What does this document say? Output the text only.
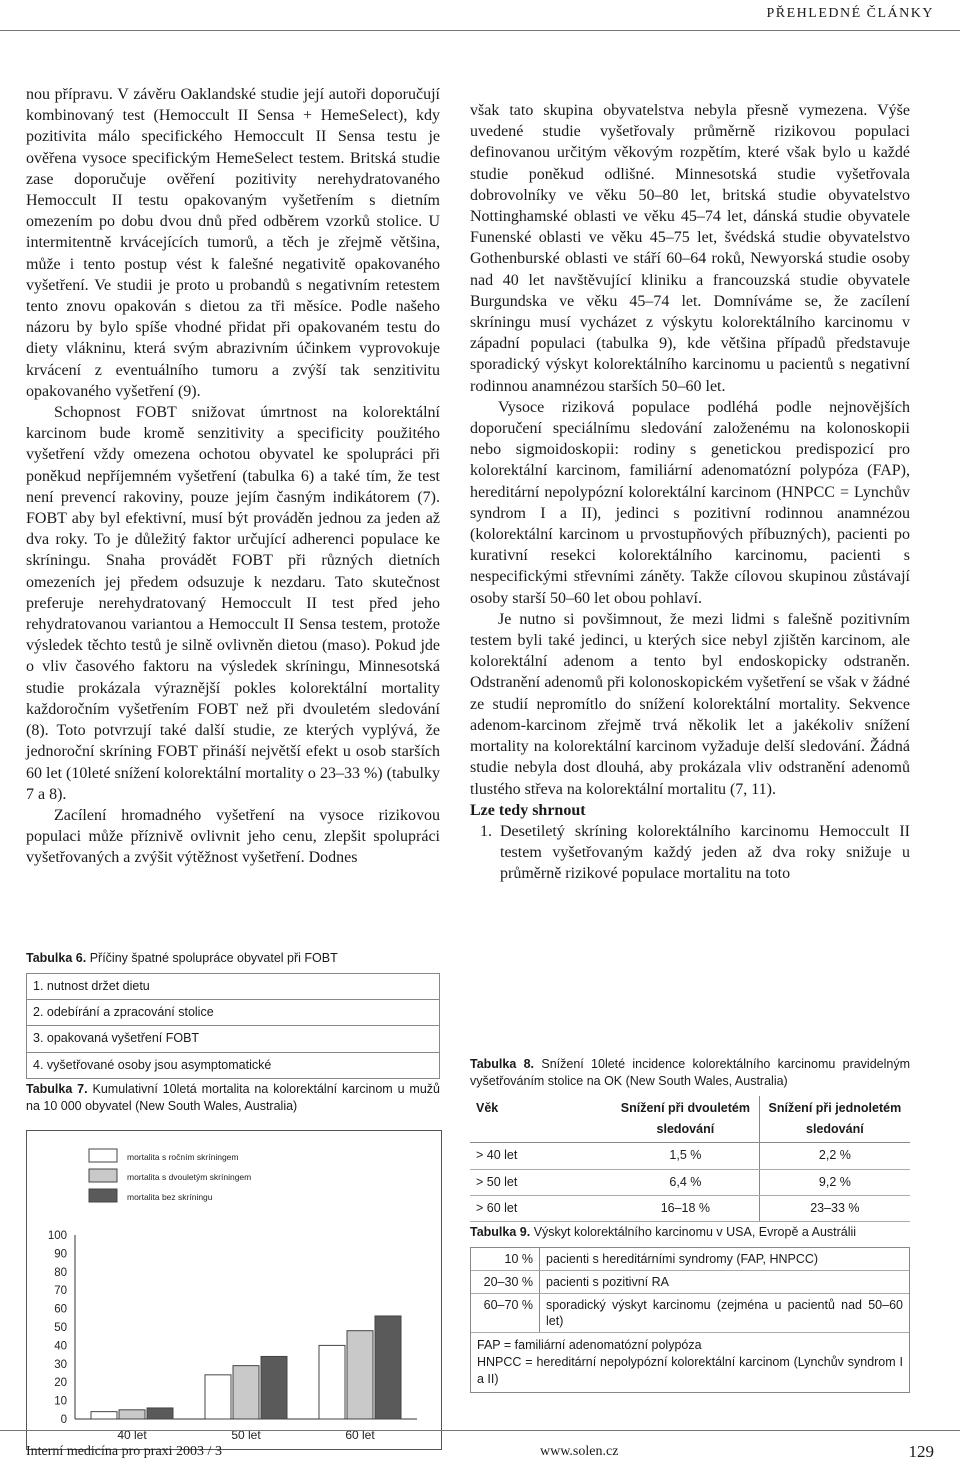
PŘEHLEDNÉ ČLÁNKY

nou přípravu. V závěru Oaklandské studie její autoři doporučují kombinovaný test (Hemoccult II Sensa + HemeSelect), kdy pozitivita málo specifického Hemoccult II Sensa testu je ověřena vysoce specifickým HemeSelect testem. Britská studie zase doporučuje ověření pozitivity nerehydratovaného Hemoccult II testu opakovaným vyšetřením s dietním omezením po dobu dvou dnů před odběrem vzorků stolice. U intermitentně krvácejících tumorů, a těch je zřejmě většina, může i tento postup vést k falešné negativitě opakovaného vyšetření. Ve studii je proto u probandů s negativním retestem tento znovu opakován s dietou za tři měsíce. Podle našeho názoru by bylo spíše vhodné přidat při opakovaném testu do diety vlákninu, která svým abrazivním účinkem vyprovokuje krvácení z eventuálního tumoru a zvýší tak senzitivitu opakovaného vyšetření (9).

Schopnost FOBT snižovat úmrtnost na kolorektální karcinom bude kromě senzitivity a specificity použitého vyšetření vždy omezena ochotou obyvatel ke spolupráci při poněkud nepříjemném vyšetření (tabulka 6) a také tím, že test není prevencí rakoviny, pouze jejím časným indikátorem (7). FOBT aby byl efektivní, musí být prováděn jednou za jeden až dva roky. To je důležitý faktor určující adherenci populace ke skríningu. Snaha provádět FOBT při různých dietních omezeních jej předem odsuzuje k nezdaru. Tato skutečnost preferuje nerehydratovaný Hemoccult II test před jeho rehydratovanou variantou a Hemoccult II Sensa testem, protože výsledek těchto testů je silně ovlivněn dietou (maso). Pokud jde o vliv časového faktoru na výsledek skríningu, Minnesotská studie prokázala výraznější pokles kolorektální mortality každoročním vyšetřením FOBT než při dvouletém sledování (8). Toto potvrzují také další studie, ze kterých vyplývá, že jednoroční skríning FOBT přináší největší efekt u osob starších 60 let (10leté snížení kolorektální mortality o 23–33 %) (tabulky 7 a 8).

Zacílení hromadného vyšetření na vysoce rizikovou populaci může příznivě ovlivnit jeho cenu, zlepšit spolupráci vyšetřovaných a zvýšit výtěžnost vyšetření. Dodnes

Tabulka 6. Příčiny špatné spolupráce obyvatel při FOBT
1. nutnost držet dietu
2. odebírání a zpracování stolice
3. opakovaná vyšetření FOBT
4. vyšetřované osoby jsou asymptomatické
Tabulka 7. Kumulativní 10letá mortalita na kolorektální karcinom u mužů na 10 000 obyvatel (New South Wales, Australia)
100
90
80
70
60
50
40
30
20
10
0
40 let	50 let	60 let
mortalita s ročním skríningem
mortalita s dvouletým skríningem
mortalita bez skríningu

však tato skupina obyvatelstva nebyla přesně vymezena. Výše uvedené studie vyšetřovaly průměrně rizikovou populaci definovanou určitým věkovým rozpětím, které však bylo u každé studie poněkud odlišné. Minnesotská studie vyšetřovala dobrovolníky ve věku 50–80 let, britská studie obyvatelstvo Nottinghamské oblasti ve věku 45–74 let, dánská studie obyvatele Funenské oblasti ve věku 45–75 let, švédská studie obyvatelstvo Gothenburské oblasti ve stáří 60–64 roků, Newyorská studie osoby nad 40 let navštěvující kliniku a francouzská studie obyvatele Burgundska ve věku 45–74 let. Domníváme se, že zacílení skríningu musí vycházet z výskytu kolorektálního karcinomu v západní populaci (tabulka 9), kde většina případů představuje sporadický výskyt kolorektálního karcinomu u pacientů s negativní rodinnou anamnézou starších 50–60 let.

Vysoce riziková populace podléhá podle nejnovějších doporučení speciálnímu sledování založenému na kolonoskopii nebo sigmoidoskopii: rodiny s genetickou predispozicí pro kolorektální karcinom, familiární adenomatózní polypóza (FAP), hereditární nepolypózní kolorektální karcinom (HNPCC = Lynchův syndrom I a II), jedinci s pozitivní rodinnou anamnézou (kolorektální karcinom u prvostupňových příbuzných), pacienti po kurativní resekci kolorektálního karcinomu, pacienti s nespecifickými střevními záněty. Takže cílovou skupinou zůstávají osoby starší 50–60 let obou pohlaví.

Je nutno si povšimnout, že mezi lidmi s falešně pozitivním testem byli také jedinci, u kterých sice nebyl zjištěn karcinom, ale kolorektální adenom a tento byl endoskopicky odstraněn. Odstranění adenomů při kolonoskopickém vyšetření se však v žádné ze studií nepromítlo do snížení kolorektální mortality. Sekvence adenom-karcinom zřejmě trvá několik let a jakékoliv snížení mortality na kolorektální karcinom vyžaduje delší sledování. Žádná studie nebyla dost dlouhá, aby prokázala vliv odstranění adenomů tlustého střeva na kolorektální mortalitu (7, 11).

Lze tedy shrnout

1. Desetiletý skríning kolorektálního karcinomu Hemoccult II testem vyšetřovaným každý jeden až dva roky snižuje u průměrně rizikové populace mortalitu na toto
Tabulka 8. Snížení 10leté incidence kolorektálního karcinomu pravidelným vyšetřováním stolice na OK (New South Wales, Australia)
Věk	Snížení při dvouletém sledování	Snížení při jednoletém sledování
> 40 let	1,5 %	2,2 %
> 50 let	6,4 %	9,2 %
> 60 let	16–18 %	23–33 %
Tabulka 9. Výskyt kolorektálního karcinomu v USA, Evropě a Austrálii
10 %	pacienti s hereditárními syndromy (FAP, HNPCC)
20–30 %	pacienti s pozitivní RA
60–70 %	sporadický výskyt karcinomu (zejména u pacientů nad 50–60 let)
FAP = familiární adenomatózní polypóza
HNPCC = hereditární nepolypózní kolorektální karcinom (Lynchův syndrom I a II)
Interní medicína pro praxi 2003 / 3	www.solen.cz	129
